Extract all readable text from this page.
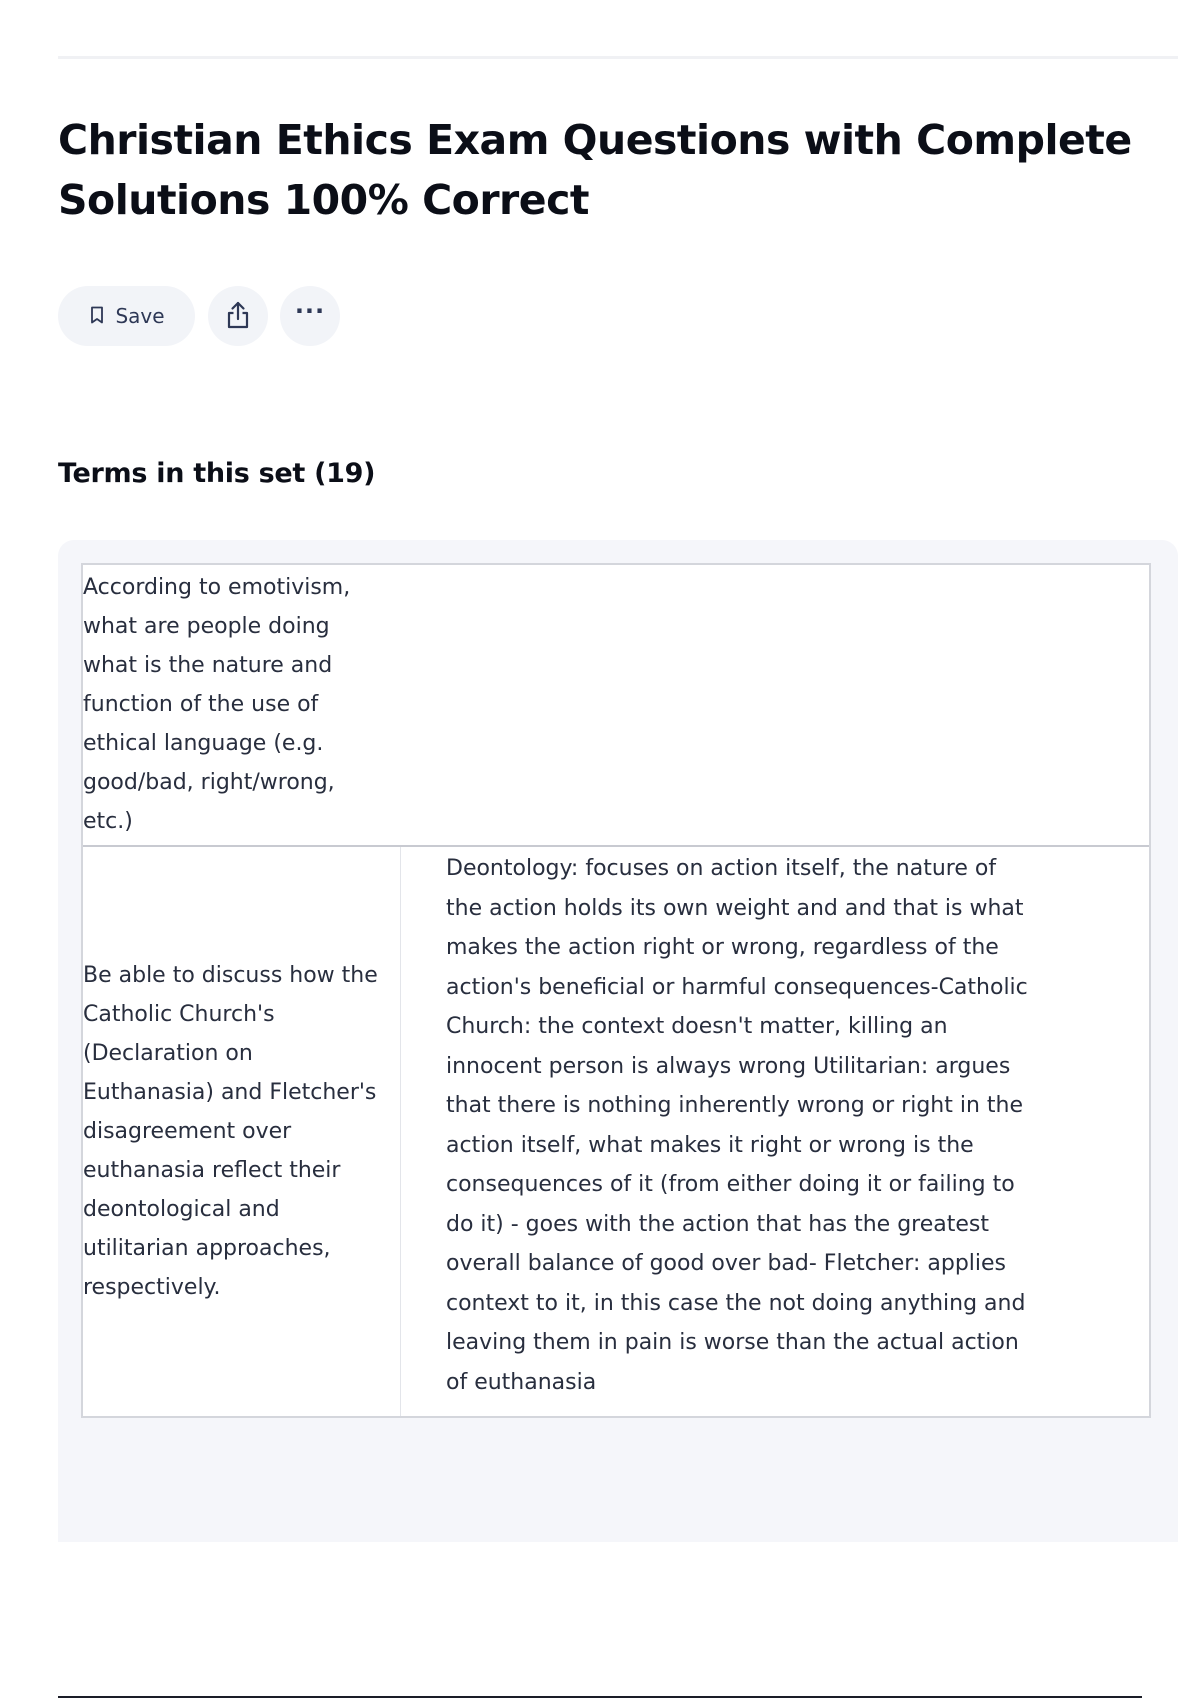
Christian Ethics Exam Questions with Complete Solutions 100% Correct
Save	···
Terms in this set (19)
According to emotivism, what are people doing what is the nature and function of the use of ethical language (e.g. good/bad, right/wrong, etc.)
Be able to discuss how the Catholic Church's (Declaration on Euthanasia) and Fletcher's disagreement over euthanasia reflect their deontological and utilitarian approaches, respectively.
Deontology: focuses on action itself, the nature of the action holds its own weight and and that is what makes the action right or wrong, regardless of the action's beneficial or harmful consequences-Catholic Church: the context doesn't matter, killing an innocent person is always wrong Utilitarian: argues that there is nothing inherently wrong or right in the action itself, what makes it right or wrong is the consequences of it (from either doing it or failing to do it) - goes with the action that has the greatest overall balance of good over bad- Fletcher: applies context to it, in this case the not doing anything and leaving them in pain is worse than the actual action of euthanasia
